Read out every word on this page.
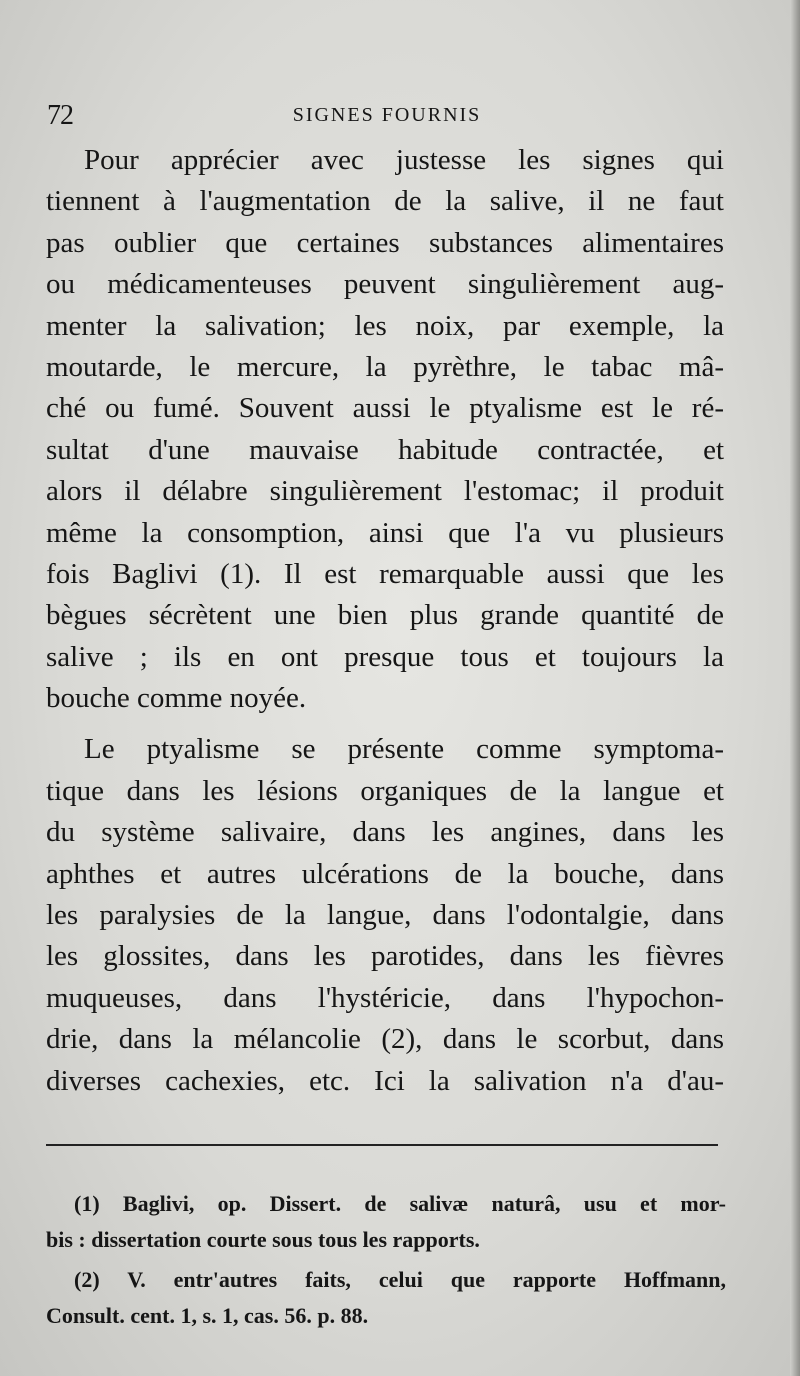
72	SIGNES FOURNIS
Pour apprécier avec justesse les signes qui
tiennent à l'augmentation de la salive, il ne faut
pas oublier que certaines substances alimentaires
ou médicamenteuses peuvent singulièrement aug-
menter la salivation; les noix, par exemple, la
moutarde, le mercure, la pyrèthre, le tabac mâ-
ché ou fumé. Souvent aussi le ptyalisme est le ré-
sultat d'une mauvaise habitude contractée, et
alors il délabre singulièrement l'estomac; il produit
même la consomption, ainsi que l'a vu plusieurs
fois Baglivi (1). Il est remarquable aussi que les
bègues sécrètent une bien plus grande quantité de
salive ; ils en ont presque tous et toujours la
bouche comme noyée.
Le ptyalisme se présente comme symptoma-
tique dans les lésions organiques de la langue et
du système salivaire, dans les angines, dans les
aphthes et autres ulcérations de la bouche, dans
les paralysies de la langue, dans l'odontalgie, dans
les glossites, dans les parotides, dans les fièvres
muqueuses, dans l'hystéricie, dans l'hypochon-
drie, dans la mélancolie (2), dans le scorbut, dans
diverses cachexies, etc. Ici la salivation n'a d'au-
(1) Baglivi, op. Dissert. de salivæ naturâ, usu et mor-
bis : dissertation courte sous tous les rapports.
(2) V. entr'autres faits, celui que rapporte Hoffmann,
Consult. cent. 1, s. 1, cas. 56. p. 88.
